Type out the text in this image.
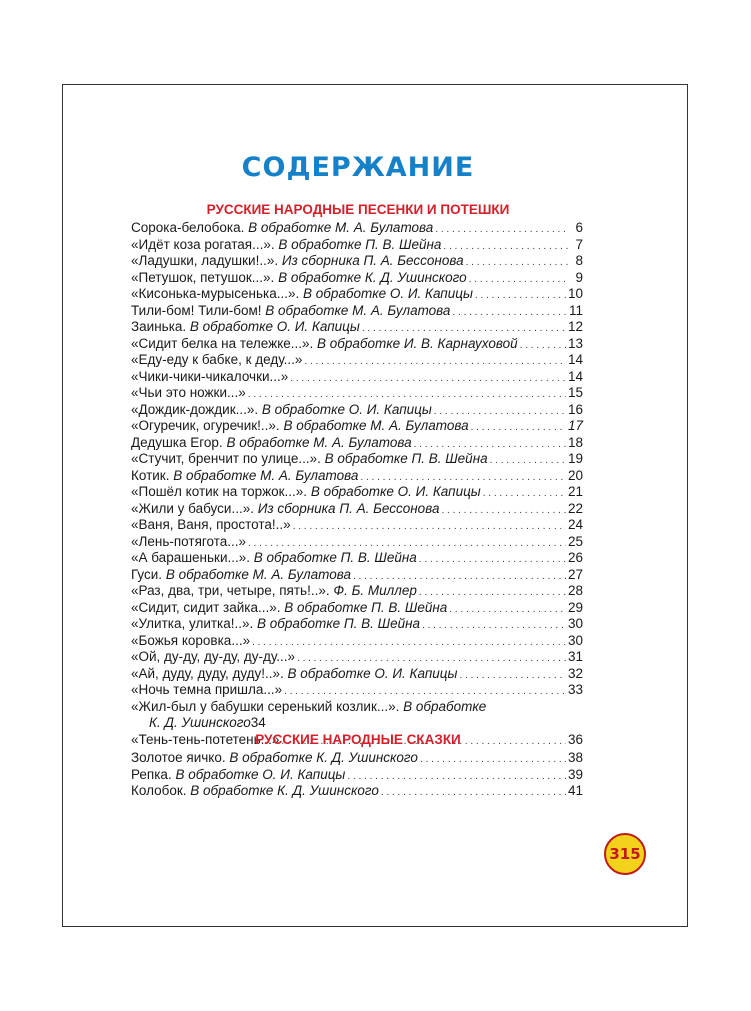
СОДЕРЖАНИЕ
РУССКИЕ НАРОДНЫЕ ПЕСЕНКИ И ПОТЕШКИ
Сорока-белобока. В обработке М. А. Булатова . . .	6
«Идёт коза рогатая...». В обработке П. В. Шейна . . .	7
«Ладушки, ладушки!..». Из сборника П. А. Бессонова . . .	8
«Петушок, петушок...». В обработке К. Д. Ушинского . . .	9
«Кисонька-мурысенька...». В обработке О. И. Капицы . . .	10
Тили-бом! Тили-бом! В обработке М. А. Булатова . . .	11
Заинька. В обработке О. И. Капицы . . .	12
«Сидит белка на тележке...». В обработке И. В. Карнауховой . . .	13
«Еду-еду к бабке, к деду...» . . .	14
«Чики-чики-чикалочки...» . . .	14
«Чьи это ножки...» . . .	15
«Дождик-дождик...». В обработке О. И. Капицы . . .	16
«Огуречик, огуречик!..». В обработке М. А. Булатова . . .	17
Дедушка Егор. В обработке М. А. Булатова . . .	18
«Стучит, бренчит по улице...». В обработке П. В. Шейна . . .	19
Котик. В обработке М. А. Булатова . . .	20
«Пошёл котик на торжок...». В обработке О. И. Капицы . . .	21
«Жили у бабуси...». Из сборника П. А. Бессонова . . .	22
«Ваня, Ваня, простота!..» . . .	24
«Лень-потягота...» . . .	25
«А барашеньки...». В обработке П. В. Шейна . . .	26
Гуси. В обработке М. А. Булатова . . .	27
«Раз, два, три, четыре, пять!..». Ф. Б. Миллер . . .	28
«Сидит, сидит зайка...». В обработке П. В. Шейна . . .	29
«Улитка, улитка!..». В обработке П. В. Шейна . . .	30
«Божья коровка...» . . .	30
«Ой, ду-ду, ду-ду, ду-ду...» . . .	31
«Ай, дуду, дуду, дуду!..». В обработке О. И. Капицы . . .	32
«Ночь темна пришла...» . . .	33
«Жил-был у бабушки серенький козлик...». В обработке
К. Д. Ушинского 34
«Тень-тень-потетень...» . . .	36
РУССКИЕ НАРОДНЫЕ СКАЗКИ
Золотое яичко. В обработке К. Д. Ушинского . . .	38
Репка. В обработке О. И. Капицы . . .	39
Колобок. В обработке К. Д. Ушинского . . .	41
315
